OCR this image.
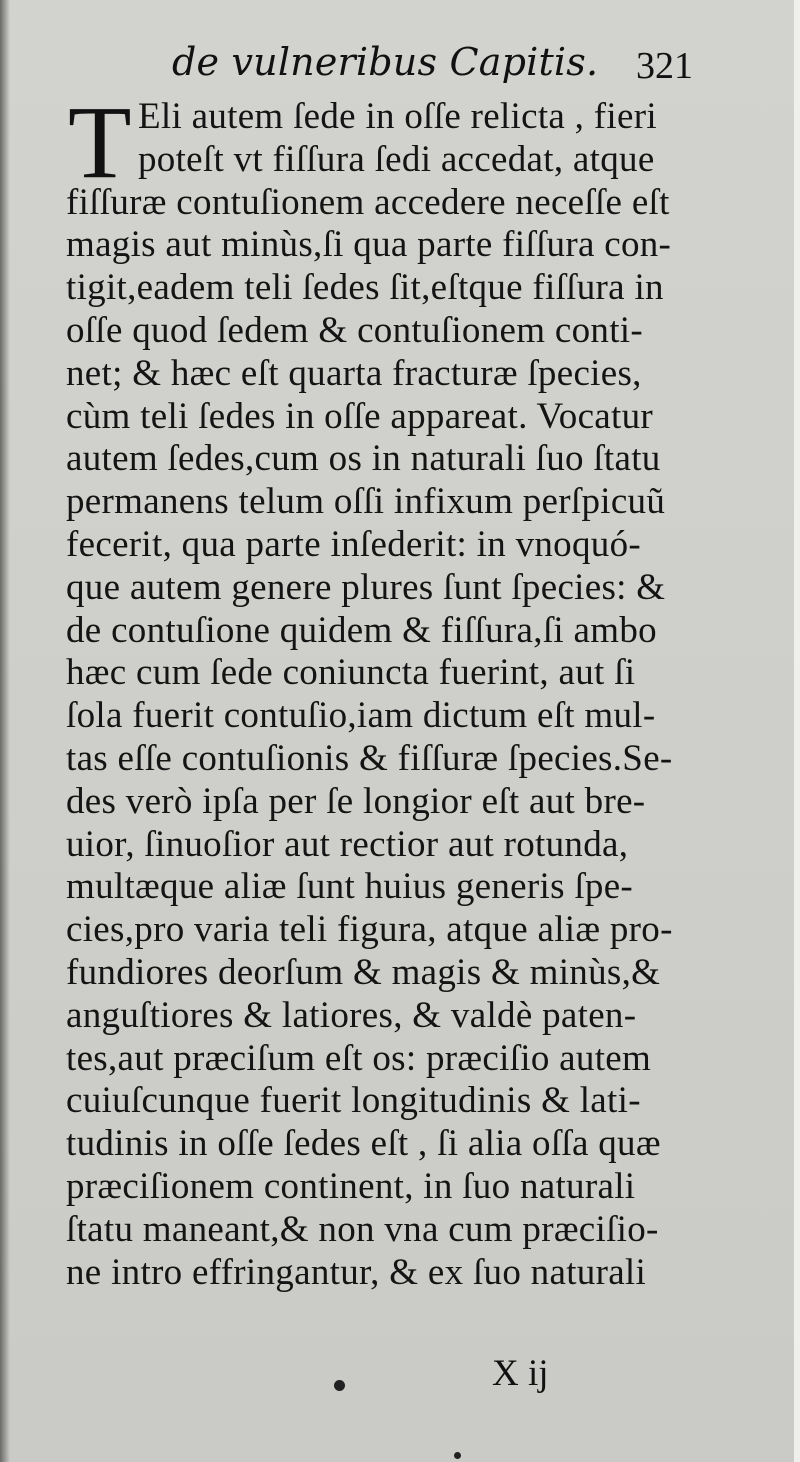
de vulneribus Capitis. 321
T Eli autem ſede in oſſe relicta , fieri
poteſt vt fiſſura ſedi accedat, atque
fiſſuræ contuſionem accedere neceſſe eſt
magis aut minùs,ſi qua parte fiſſura con-
tigit,eadem teli ſedes ſit,eſtque fiſſura in
oſſe quod ſedem & contuſionem conti-
net; & hæc eſt quarta fracturæ ſpecies,
cùm teli ſedes in oſſe appareat. Vocatur
autem ſedes,cum os in naturali ſuo ſtatu
permanens telum oſſi infixum perſpicuũ
fecerit, qua parte inſederit: in vnoquó-
que autem genere plures ſunt ſpecies: &
de contuſione quidem & fiſſura,ſi ambo
hæc cum ſede coniuncta fuerint, aut ſi
ſola fuerit contuſio,iam dictum eſt mul-
tas eſſe contuſionis & fiſſuræ ſpecies.Se-
des verò ipſa per ſe longior eſt aut bre-
uior, ſinuoſior aut rectior aut rotunda,
multæque aliæ ſunt huius generis ſpe-
cies,pro varia teli figura, atque aliæ pro-
fundiores deorſum & magis & minùs,&
anguſtiores & latiores, & valdè paten-
tes,aut præciſum eſt os: præciſio autem
cuiuſcunque fuerit longitudinis & lati-
tudinis in oſſe ſedes eſt , ſi alia oſſa quæ
præciſionem continent, in ſuo naturali
ſtatu maneant,& non vna cum præciſio-
ne intro effringantur, & ex ſuo naturali
X ij
